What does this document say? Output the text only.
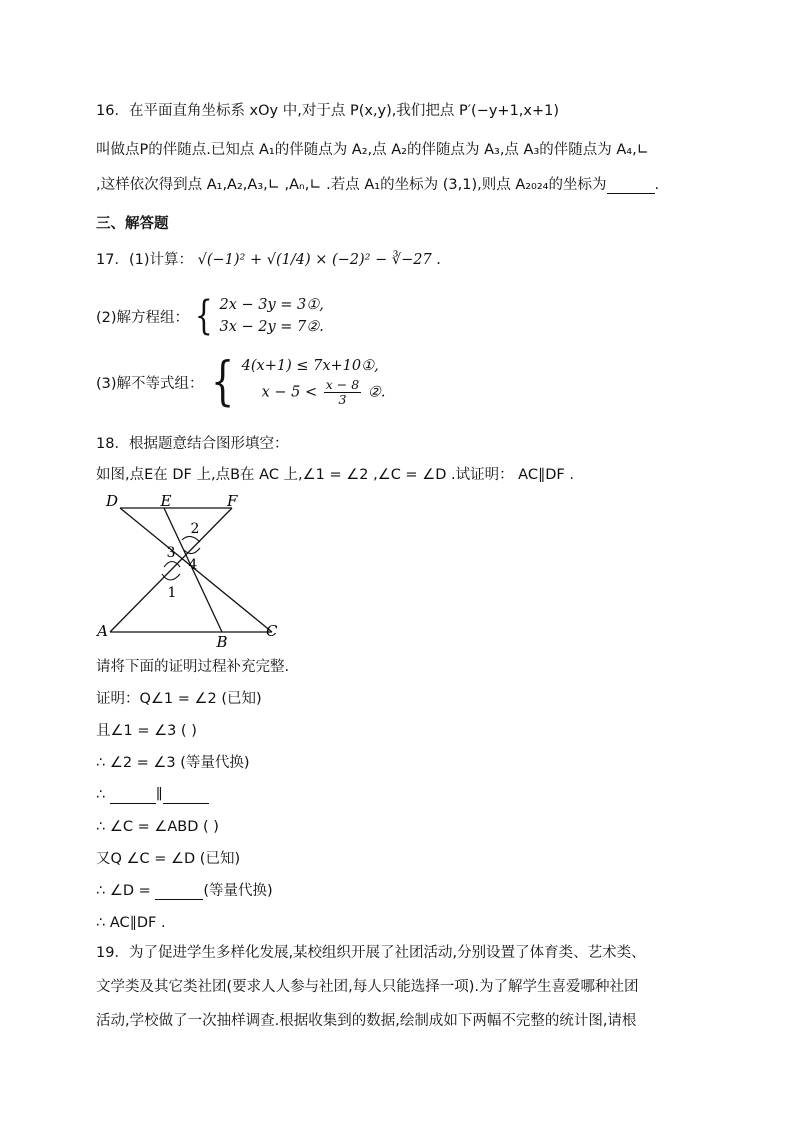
16．在平面直角坐标系 xOy 中,对于点 P(x,y),我们把点 P′(−y+1,x+1)
叫做点P的伴随点.已知点 A₁的伴随点为 A₂,点 A₂的伴随点为 A₃,点 A₃的伴随点为 A₄,∟
,这样依次得到点 A₁,A₂,A₃,∟ ,Aₙ,∟ .若点 A₁的坐标为 (3,1),则点 A₂₀₂₄的坐标为	.
三、解答题
17．(1)计算： √(−1)² + √(1/4) × (−2)² − ∛−27 .
(2)解方程组： { 2x − 3y = 3①,
3x − 2y = 7②.
(3)解不等式组： { 4(x+1) ≤ 7x+10①,
$x - 5 < \frac{x - 8}{3}$ ②.
18．根据题意结合图形填空：
如图,点E在 DF 上,点B在 AC 上,∠1 = ∠2 ,∠C = ∠D .试证明： AC∥DF .
D	E	F
A
B
C
1
2
3
4
请将下面的证明过程补充完整.
证明：Q∠1 = ∠2 (已知)
且∠1 = ∠3 ( )
∴ ∠2 = ∠3 (等量代换)
∴	∥
∴ ∠C = ∠ABD ( )
又Q ∠C = ∠D (已知)
∴ ∠D =	(等量代换)
∴ AC∥DF .
19．为了促进学生多样化发展,某校组织开展了社团活动,分别设置了体育类、艺术类、
文学类及其它类社团(要求人人参与社团,每人只能选择一项).为了解学生喜爱哪种社团
活动,学校做了一次抽样调查.根据收集到的数据,绘制成如下两幅不完整的统计图,请根
